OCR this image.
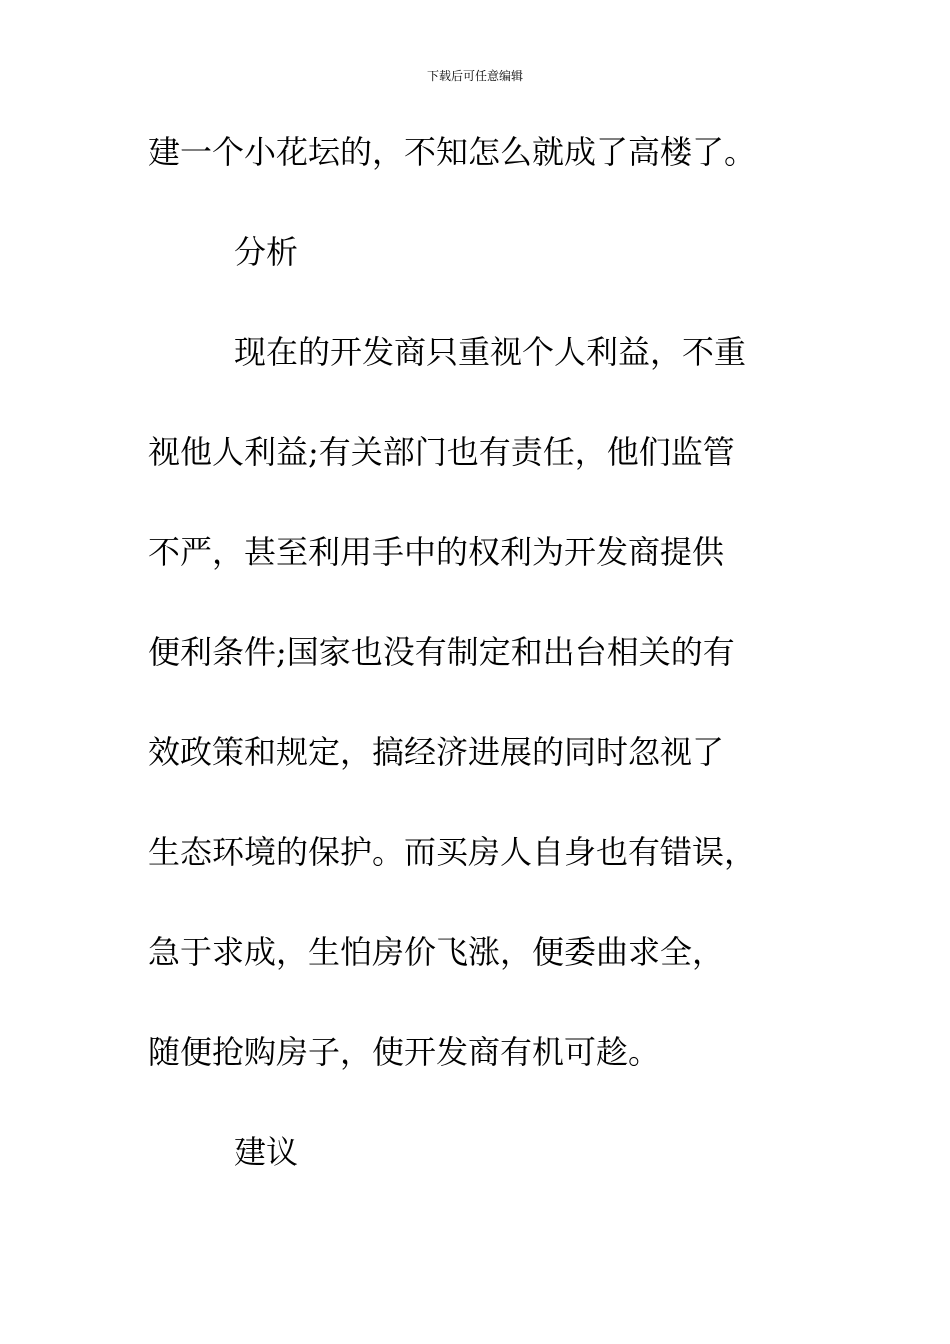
下载后可任意编辑
建一个小花坛的，不知怎么就成了高楼了。
分析
现在的开发商只重视个人利益，不重
视他人利益;有关部门也有责任，他们监管
不严，甚至利用手中的权利为开发商提供
便利条件;国家也没有制定和出台相关的有
效政策和规定，搞经济进展的同时忽视了
生态环境的保护。而买房人自身也有错误，
急于求成，生怕房价飞涨，便委曲求全，
随便抢购房子，使开发商有机可趁。
建议
